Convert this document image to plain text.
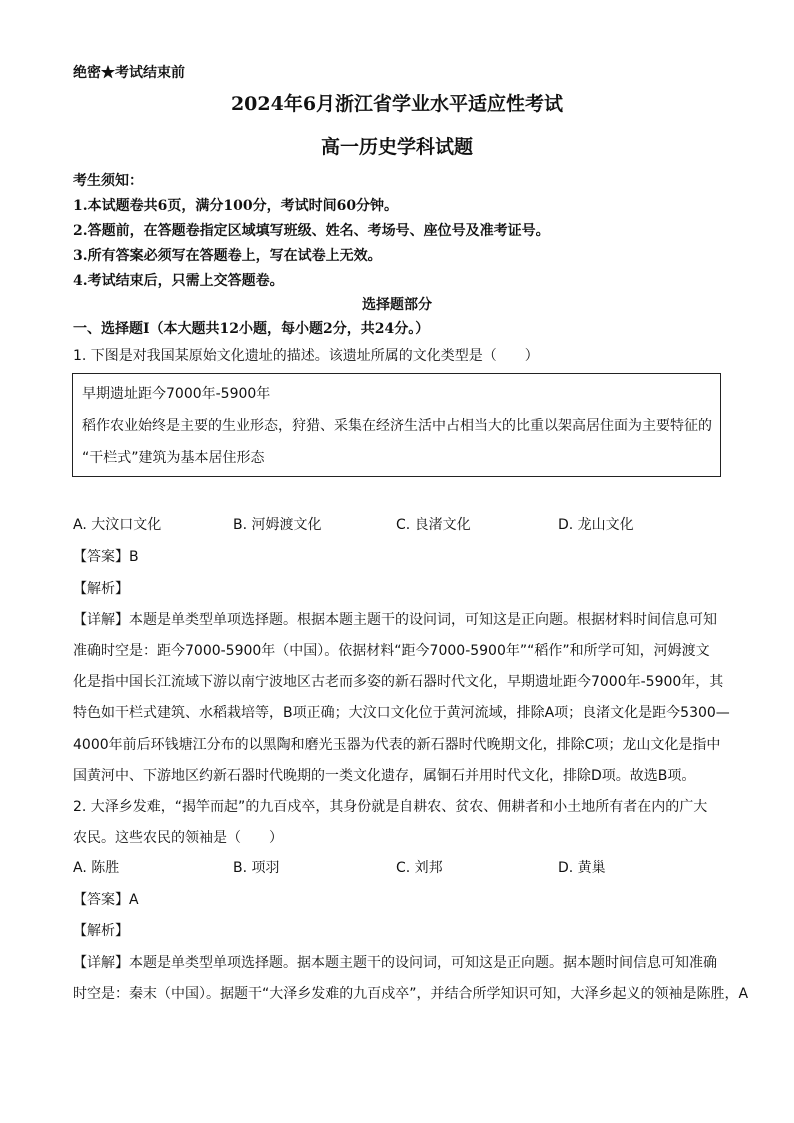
绝密★考试结束前
2024年6月浙江省学业水平适应性考试
高一历史学科试题
考生须知：
1.本试题卷共6页，满分100分，考试时间60分钟。
2.答题前，在答题卷指定区域填写班级、姓名、考场号、座位号及准考证号。
3.所有答案必须写在答题卷上，写在试卷上无效。
4.考试结束后，只需上交答题卷。
选择题部分
一、选择题Ⅰ（本大题共12小题，每小题2分，共24分。）
1. 下图是对我国某原始文化遗址的描述。该遗址所属的文化类型是（　　）
早期遗址距今7000年-5900年
稻作农业始终是主要的生业形态，狩猎、采集在经济生活中占相当大的比重以架高居住面为主要特征的
“干栏式”建筑为基本居住形态
A. 大汶口文化	B. 河姆渡文化	C. 良渚文化	D. 龙山文化
【答案】B
【解析】
【详解】本题是单类型单项选择题。根据本题主题干的设问词，可知这是正向题。根据材料时间信息可知
准确时空是：距今7000-5900年（中国）。依据材料“距今7000-5900年”“稻作”和所学可知，河姆渡文
化是指中国长江流域下游以南宁波地区古老而多姿的新石器时代文化，早期遗址距今7000年-5900年，其
特色如干栏式建筑、水稻栽培等，B项正确；大汶口文化位于黄河流域，排除A项；良渚文化是距今5300—
4000年前后环钱塘江分布的以黑陶和磨光玉器为代表的新石器时代晚期文化，排除C项；龙山文化是指中
国黄河中、下游地区约新石器时代晚期的一类文化遗存，属铜石并用时代文化，排除D项。故选B项。
2. 大泽乡发难，“揭竿而起”的九百戍卒，其身份就是自耕农、贫农、佣耕者和小土地所有者在内的广大
农民。这些农民的领袖是（　　）
A. 陈胜	B. 项羽	C. 刘邦	D. 黄巢
【答案】A
【解析】
【详解】本题是单类型单项选择题。据本题主题干的设问词，可知这是正向题。据本题时间信息可知准确
时空是：秦末（中国）。据题干“大泽乡发难的九百戍卒”，并结合所学知识可知，大泽乡起义的领袖是陈胜，A
